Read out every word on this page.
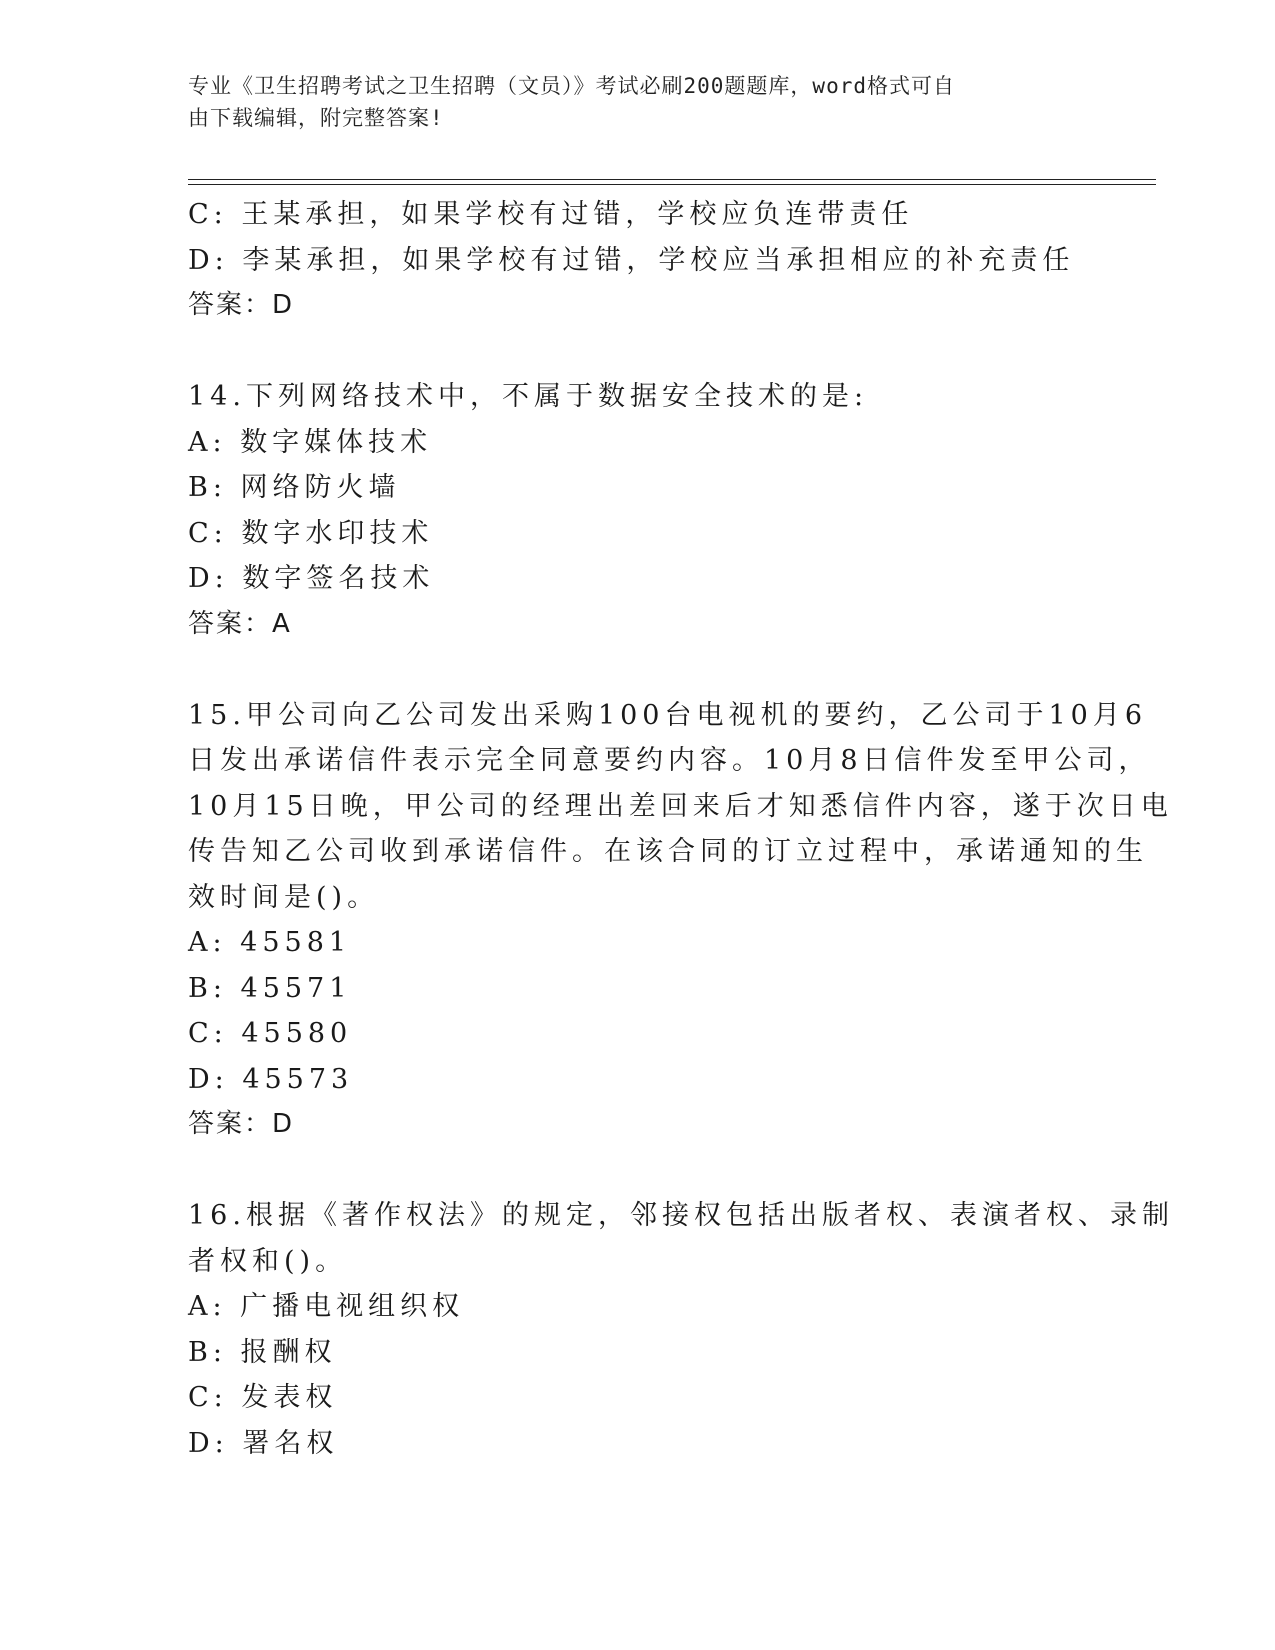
专业《卫生招聘考试之卫生招聘（文员）》考试必刷200题题库，word格式可自
由下载编辑，附完整答案!
C: 王某承担，如果学校有过错，学校应负连带责任
D: 李某承担，如果学校有过错，学校应当承担相应的补充责任
答案：D
14.下列网络技术中，不属于数据安全技术的是:
A: 数字媒体技术
B: 网络防火墙
C: 数字水印技术
D: 数字签名技术
答案：A
15.甲公司向乙公司发出采购100台电视机的要约，乙公司于10月6
日发出承诺信件表示完全同意要约内容。10月8日信件发至甲公司，
10月15日晚，甲公司的经理出差回来后才知悉信件内容，遂于次日电
传告知乙公司收到承诺信件。在该合同的订立过程中，承诺通知的生
效时间是()。
A: 45581
B: 45571
C: 45580
D: 45573
答案：D
16.根据《著作权法》的规定，邻接权包括出版者权、表演者权、录制
者权和()。
A: 广播电视组织权
B: 报酬权
C: 发表权
D: 署名权
